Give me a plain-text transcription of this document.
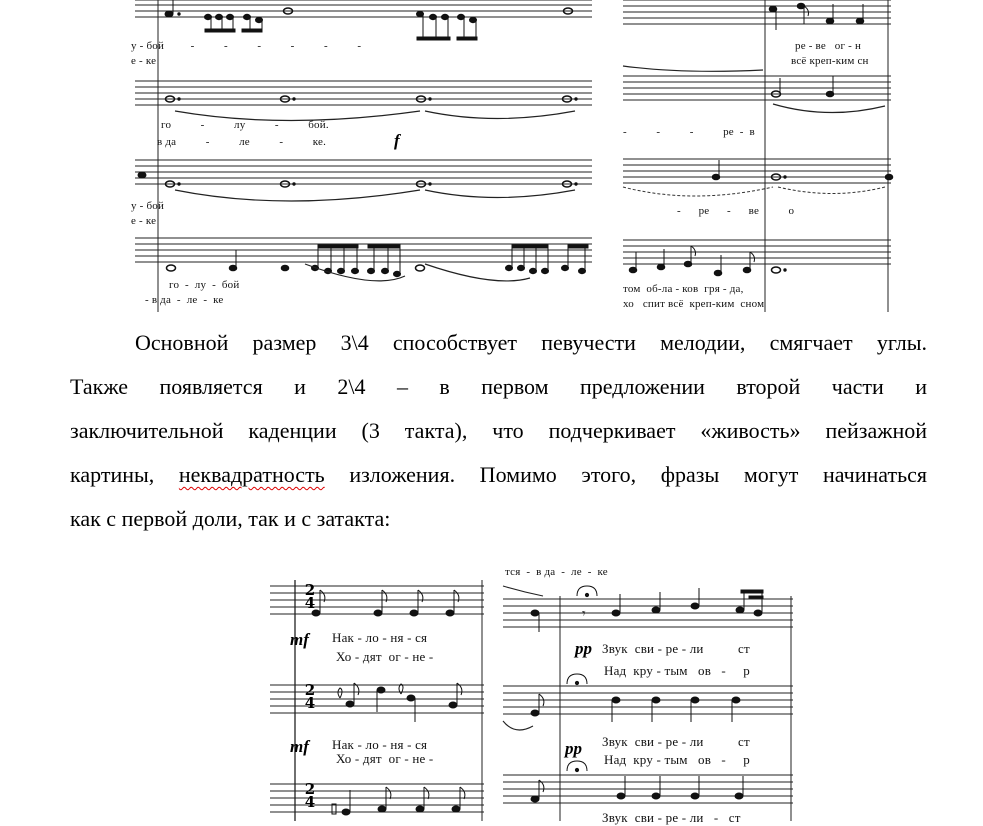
у - бой         -          -          -          -          -          -
е - ке
го          -          лу          -          бой.
в да          -          ле          -          ке.
у - бой
е - ке
го  -  лу  -  бой
- в да  -  ле  -  ке
f
ре - ве   ог - н
всё креп-ким сн
-          -          -          ре  -  в
-      ре      -      ве          о
том  об-ла - ков  гря - да,
хо   спит всё  креп-ким  сном
Основной размер 3\4 способствует певучести мелодии, смягчает углы.
Также появляется и 2\4 – в первом предложении второй части и
заключительной каденции (3 такта), что подчеркивает «живость» пейзажной
картины, неквадратность изложения. Помимо этого, фразы могут начинаться
как с первой доли, так и с затакта:
2
4
2
4
2
4
mf
mf
Нак - ло - ня - ся
Хо - дят  ог - не -
Нак - ло - ня - ся
Хо - дят  ог - не -
𝄾
тся  -  в да  -  ле  -  ке
pp
pp
Звук  сви - ре - ли          ст
Над  кру - тым   ов   -     р
Звук  сви - ре - ли          ст
Над  кру - тым   ов   -     р
Звук  сви - ре - ли   -   ст
